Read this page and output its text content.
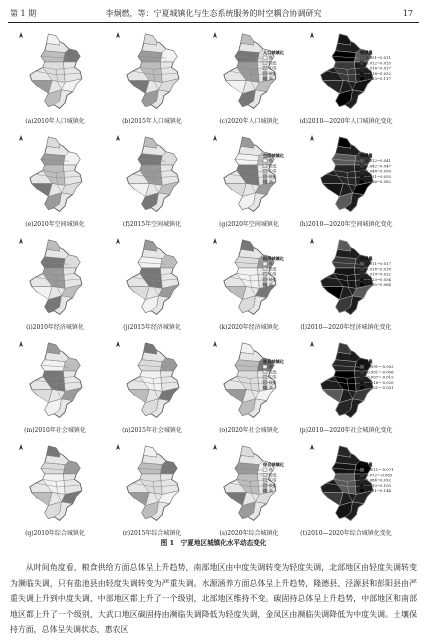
第 1 期	李炯燃，等：宁夏城镇化与生态系统服务的时空耦合协调研究	17
人口城镇化
低
较低
中等
较高
高
增减量
0.001~0.011
0.012~0.015
0.016~0.017
0.018~0.032
0.033~0.117
空间城镇化
低
较低
中等
较高
高
增减量
0.012~0.041
0.042~0.047
0.048~0.050
0.051~0.055
0.056~0.082
经济城镇化
低
较低
中等
较高
高
增减量
0.011~0.017
0.018~0.018
0.019~0.022
0.023~0.034
0.035~0.064
社会城镇化
低
较低
中等
较高
高
增减量
-0.091~-0.002
-0.001~-0.006
-0.007~-0.015
-0.016~-0.020
-0.021~-0.051
综合城镇化
低
较低
中等
较高
高
增减量
-0.011~-0.071
0.072~-0.083
0.084~0.092
0.093~0.100
0.101~0.144
(a)2010年人口城镇化	(b)2015年人口城镇化	(c)2020年人口城镇化	(d)2010—2020年人口城镇化变化
(e)2010年空间城镇化	(f)2015年空间城镇化	(g)2020年空间城镇化	(h)2010—2020年空间城镇化变化
(i)2010年经济城镇化	(j)2015年经济城镇化	(k)2020年经济城镇化	(l)2010—2020年经济城镇化变化
(m)2010年社会城镇化	(n)2015年社会城镇化	(o)2020年社会城镇化	(p)2010—2020年社会城镇化变化
(q)2010年综合城镇化	(r)2015年综合城镇化	(s)2020年综合城镇化	(t)2010—2020年综合城镇化变化
图 1　宁夏地区城镇化水平动态变化

从时间角度看，粮食供给方面总体呈上升趋势，南部地区由中度失调转变为轻度失调，北部地区由轻度失调转变为濒临失调，只有盐池县由轻度失调转变为严重失调。水源涵养方面总体呈上升趋势，隆德县、泾源县和彭阳县由严重失调上升到中度失调，中部地区都上升了一个级别，北部地区维持不变。碳固持总体呈上升趋势，中部地区和南部地区都上升了一个级别，大武口地区碳固持由濒临失调降低为轻度失调，金凤区由濒临失调降低为中度失调。土壤保持方面，总体呈失调状态，惠农区
